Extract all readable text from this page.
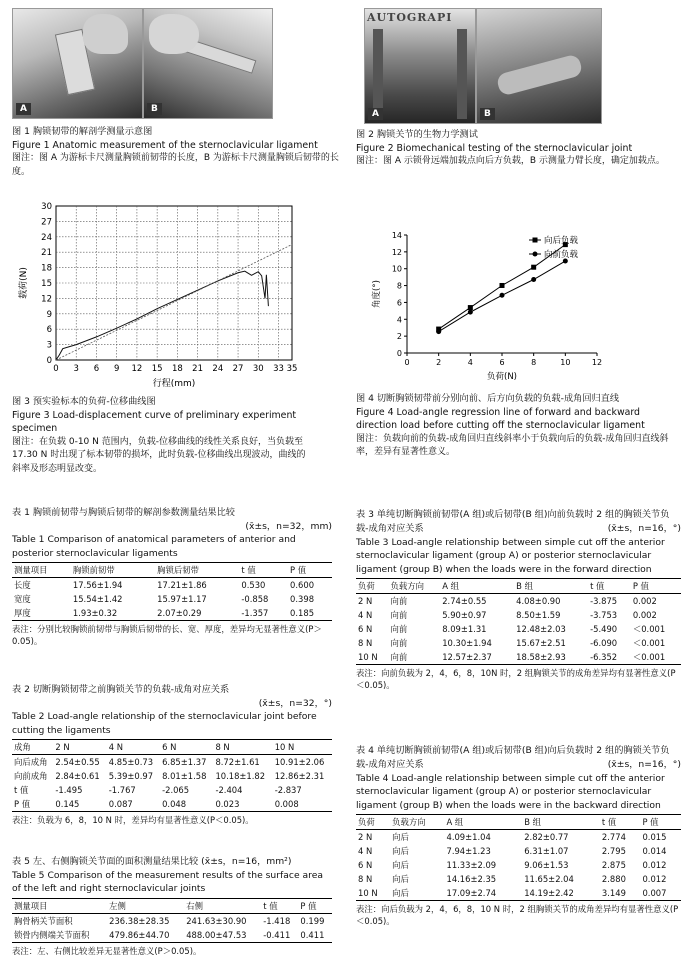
A	B
图 1 胸锁韧带的解剖学测量示意图
Figure 1 Anatomic measurement of the sternoclavicular ligament
图注：图 A 为游标卡尺测量胸锁前韧带的长度，B 为游标卡尺测量胸锁后韧带的长度。
AUTOGRAPI
A	B
图 2 胸锁关节的生物力学测试
Figure 2 Biomechanical testing of the sternoclavicular joint
图注：图 A 示锁骨远端加载点向后方负载，B 示测量力臂长度，确定加载点。
0 3 6 9 12 15 18 21 24 27 30 33 35
0
3
6
9
12
15
18
21
24
27
30
行程(mm)
载荷(N)
图 3 预实验标本的负荷-位移曲线图
Figure 3 Load-displacement curve of preliminary experiment specimen
图注：在负载 0-10 N 范围内，负载-位移曲线的线性关系良好，当负载至 17.30 N 时出现了标本韧带的损坏，此时负载-位移曲线出现波动，曲线的斜率及形态明显改变。
0	2	4	6	8	10	12
0
2
4
6
8
10
12
14
向后负载
向前负载
负荷(N)
角度(°)
图 4 切断胸锁韧带前分别向前、后方向负载的负载-成角回归直线
Figure 4 Load-angle regression line of forward and backward direction load before cutting off the sternoclavicular ligament
图注：负载向前的负载-成角回归直线斜率小于负载向后的负载-成角回归直线斜率，差异有显著性意义。
表 1 胸锁前韧带与胸锁后韧带的解剖参数测量结果比较
(x̄±s，n=32，mm)
Table 1 Comparison of anatomical parameters of anterior and posterior sternoclavicular ligaments
测量项目	胸锁前韧带	胸锁后韧带	t 值	P 值
长度	17.56±1.94	17.21±1.86	0.530	0.600
宽度	15.54±1.42	15.97±1.17	-0.858	0.398
厚度	1.93±0.32	2.07±0.29	-1.357	0.185
表注：分别比较胸锁前韧带与胸锁后韧带的长、宽、厚度，差异均无显著性意义(P＞0.05)。
表 2 切断胸锁韧带之前胸锁关节的负载-成角对应关系
(x̄±s，n=32，°)
Table 2 Load-angle relationship of the sternoclavicular joint before cutting the ligaments
成角	2 N	4 N	6 N	8 N	10 N
向后成角	2.54±0.55	4.85±0.73	6.85±1.37	8.72±1.61	10.91±2.06
向前成角	2.84±0.61	5.39±0.97	8.01±1.58	10.18±1.82	12.86±2.31
t 值	-1.495	-1.767	-2.065	-2.404	-2.837
P 值	0.145	0.087	0.048	0.023	0.008
表注：负载为 6，8，10 N 时，差异均有显著性意义(P＜0.05)。
表 5 左、右侧胸锁关节面的面积测量结果比较 (x̄±s，n=16，mm²)
Table 5 Comparison of the measurement results of the surface area of the left and right sternoclavicular joints
测量项目	左侧	右侧	t 值	P 值
胸骨柄关节面积	236.38±28.35	241.63±30.90	-1.418	0.199
锁骨内侧端关节面积	479.86±44.70	488.00±47.53	-0.411	0.411
表注：左、右侧比较差异无显著性意义(P＞0.05)。
表 3 单纯切断胸锁前韧带(A 组)或后韧带(B 组)向前负载时 2 组的胸锁关节负载-成角对应关系	(x̄±s，n=16，°)
Table 3 Load-angle relationship between simple cut off the anterior sternoclavicular ligament (group A) or posterior sternoclavicular ligament (group B) when the loads were in the forward direction
负荷	负载方向	A 组	B 组	t 值	P 值
2 N	向前	2.74±0.55	4.08±0.90	-3.875	0.002
4 N	向前	5.90±0.97	8.50±1.59	-3.753	0.002
6 N	向前	8.09±1.31	12.48±2.03	-5.490	＜0.001
8 N	向前	10.30±1.94	15.67±2.51	-6.090	＜0.001
10 N	向前	12.57±2.37	18.58±2.93	-6.352	＜0.001
表注：向前负载为 2，4，6，8，10N 时，2 组胸锁关节的成角差异均有显著性意义(P＜0.05)。
表 4 单纯切断胸锁前韧带(A 组)或后韧带(B 组)向后负载时 2 组的胸锁关节负载-成角对应关系	(x̄±s，n=16，°)
Table 4 Load-angle relationship between simple cut off the anterior sternoclavicular ligament (group A) or posterior sternoclavicular ligament (group B) when the loads were in the backward direction
负荷	负载方向	A 组	B 组	t 值	P 值
2 N	向后	4.09±1.04	2.82±0.77	2.774	0.015
4 N	向后	7.94±1.23	6.31±1.07	2.795	0.014
6 N	向后	11.33±2.09	9.06±1.53	2.875	0.012
8 N	向后	14.16±2.35	11.65±2.04	2.880	0.012
10 N	向后	17.09±2.74	14.19±2.42	3.149	0.007
表注：向后负载为 2，4，6，8，10 N 时，2 组胸锁关节的成角差异均有显著性意义(P＜0.05)。
